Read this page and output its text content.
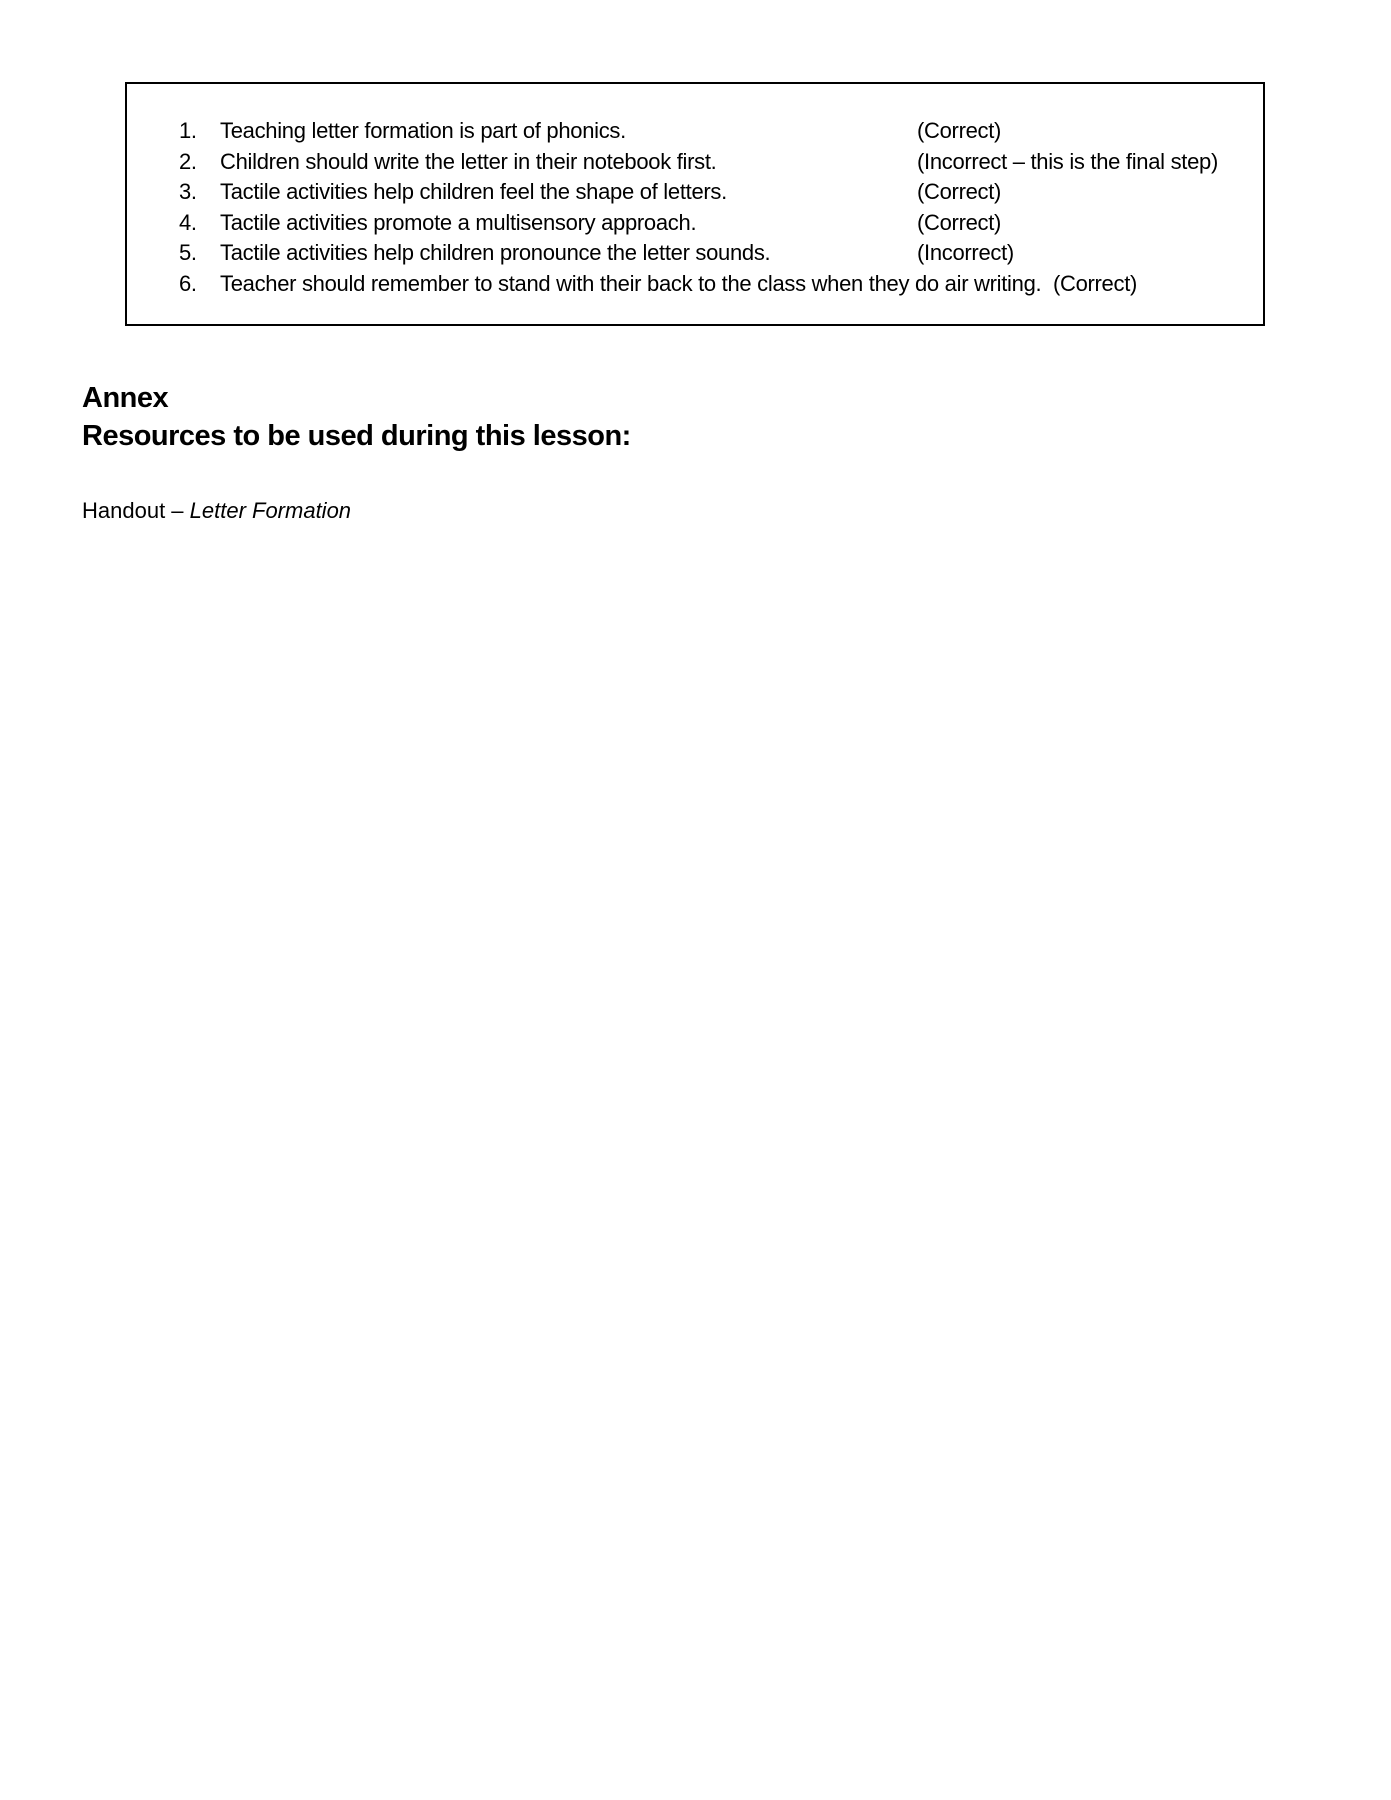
1. Teaching letter formation is part of phonics.	(Correct)
2. Children should write the letter in their notebook first.	(Incorrect – this is the final step)
3. Tactile activities help children feel the shape of letters.	(Correct)
4. Tactile activities promote a multisensory approach.	(Correct)
5. Tactile activities help children pronounce the letter sounds.	(Incorrect)
6. Teacher should remember to stand with their back to the class when they do air writing. (Correct)
Annex
Resources to be used during this lesson:
Handout – Letter Formation
